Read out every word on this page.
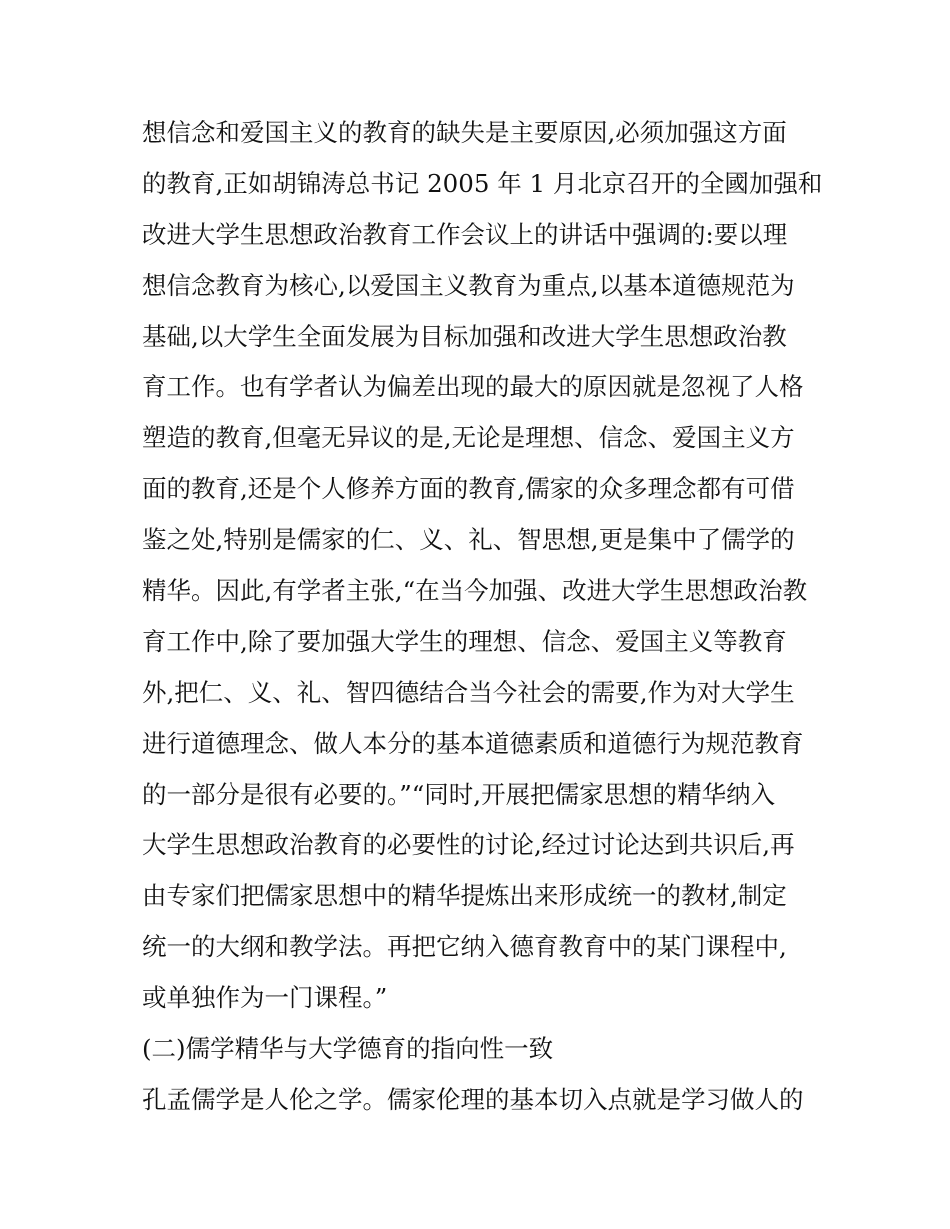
想信念和爱国主义的教育的缺失是主要原因,必须加强这方面
的教育,正如胡锦涛总书记 2005 年 1 月北京召开的全國加强和
改进大学生思想政治教育工作会议上的讲话中强调的:要以理
想信念教育为核心,以爱国主义教育为重点,以基本道德规范为
基础,以大学生全面发展为目标加强和改进大学生思想政治教
育工作。也有学者认为偏差出现的最大的原因就是忽视了人格
塑造的教育,但毫无异议的是,无论是理想、信念、爱国主义方
面的教育,还是个人修养方面的教育,儒家的众多理念都有可借
鉴之处,特别是儒家的仁、义、礼、智思想,更是集中了儒学的
精华。因此,有学者主张,“在当今加强、改进大学生思想政治教
育工作中,除了要加强大学生的理想、信念、爱国主义等教育
外,把仁、义、礼、智四德结合当今社会的需要,作为对大学生
进行道德理念、做人本分的基本道德素质和道德行为规范教育
的一部分是很有必要的。”“同时,开展把儒家思想的精华纳入
大学生思想政治教育的必要性的讨论,经过讨论达到共识后,再
由专家们把儒家思想中的精华提炼出来形成统一的教材,制定
统一的大纲和教学法。再把它纳入德育教育中的某门课程中,
或单独作为一门课程。”
(二)儒学精华与大学德育的指向性一致
孔孟儒学是人伦之学。儒家伦理的基本切入点就是学习做人的
